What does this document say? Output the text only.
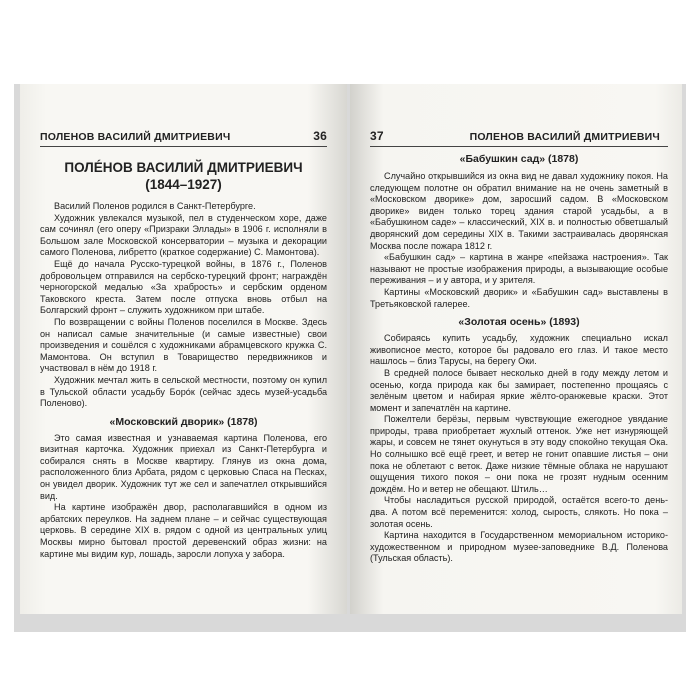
ПОЛЕНОВ ВАСИЛИЙ ДМИТРИЕВИЧ	36
ПОЛÉНОВ ВАСИЛИЙ ДМИТРИЕВИЧ
(1844–1927)

Василий Поленов родился в Санкт-Петербурге.

Художник увлекался музыкой, пел в студенческом хоре, даже сам сочинял (его оперу «Призраки Эллады» в 1906 г. исполняли в Большом зале Московской консерватории – музыка и декорации самого Поленова, либретто (краткое содержание) С. Мамонтова).

Ещё до начала Русско-турецкой войны, в 1876 г., Поленов добровольцем отправился на сербско-турецкий фронт; награждён черногорской медалью «За храбрость» и сербским орденом Таковского креста. Затем после отпуска вновь отбыл на Болгарский фронт – служить художником при штабе.

По возвращении с войны Поленов поселился в Москве. Здесь он написал самые значительные (и самые известные) свои произведения и сошёлся с художниками абрамцевского кружка С. Мамонтова. Он вступил в Товарищество передвижников и участвовал в нём до 1918 г.

Художник мечтал жить в сельской местности, поэтому он купил в Тульской области усадьбу Борóк (сейчас здесь музей-усадьба Поленово).

«Московский дворик» (1878)

Это самая известная и узнаваемая картина Поленова, его визитная карточка. Художник приехал из Санкт-Петербурга и собирался снять в Москве квартиру. Глянув из окна дома, расположенного близ Арбата, рядом с церковью Спаса на Песках, он увидел дворик. Художник тут же сел и запечатлел открывшийся вид.

На картине изображён двор, располагавшийся в одном из арбатских переулков. На заднем плане – и сейчас существующая церковь. В середине XIX в. рядом с одной из центральных улиц Москвы мирно бытовал простой деревенский образ жизни: на картине мы видим кур, лошадь, заросли лопуха у забора.

37	ПОЛЕНОВ ВАСИЛИЙ ДМИТРИЕВИЧ
«Бабушкин сад» (1878)

Случайно открывшийся из окна вид не давал художнику покоя. На следующем полотне он обратил внимание на не очень заметный в «Московском дворике» дом, заросший садом. В «Московском дворике» виден только торец здания старой усадьбы, а в «Бабушкином саде» – классический, XIX в. и полностью обветшалый дворянский дом середины XIX в. Такими застраивалась дворянская Москва после пожара 1812 г.

«Бабушкин сад» – картина в жанре «пейзажа настроения». Так называют не простые изображения природы, а вызывающие особые переживания – и у автора, и у зрителя.

Картины «Московский дворик» и «Бабушкин сад» выставлены в Третьяковской галерее.

«Золотая осень» (1893)

Собираясь купить усадьбу, художник специально искал живописное место, которое бы радовало его глаз. И такое место нашлось – близ Тарусы, на берегу Оки.

В средней полосе бывает несколько дней в году между летом и осенью, когда природа как бы замирает, постепенно прощаясь с зелёным цветом и набирая яркие жёлто-оранжевые краски. Этот момент и запечатлён на картине.

Пожелтели берёзы, первым чувствующие ежегодное увядание природы, трава приобретает жухлый оттенок. Уже нет изнуряющей жары, и совсем не тянет окунуться в эту воду спокойно текущая Ока. Но солнышко всё ещё греет, и ветер не гонит опавшие листья – они пока не облетают с веток. Даже низкие тёмные облака не нарушают ощущения тихого покоя – они пока не грозят нудным осенним дождём. Но и ветер не обещают. Штиль…

Чтобы насладиться русской природой, остаётся всего-то день-два. А потом всё переменится: холод, сырость, слякоть. Но пока – золотая осень.

Картина находится в Государственном мемориальном историко-художественном и природном музее-заповеднике В.Д. Поленова (Тульская область).
